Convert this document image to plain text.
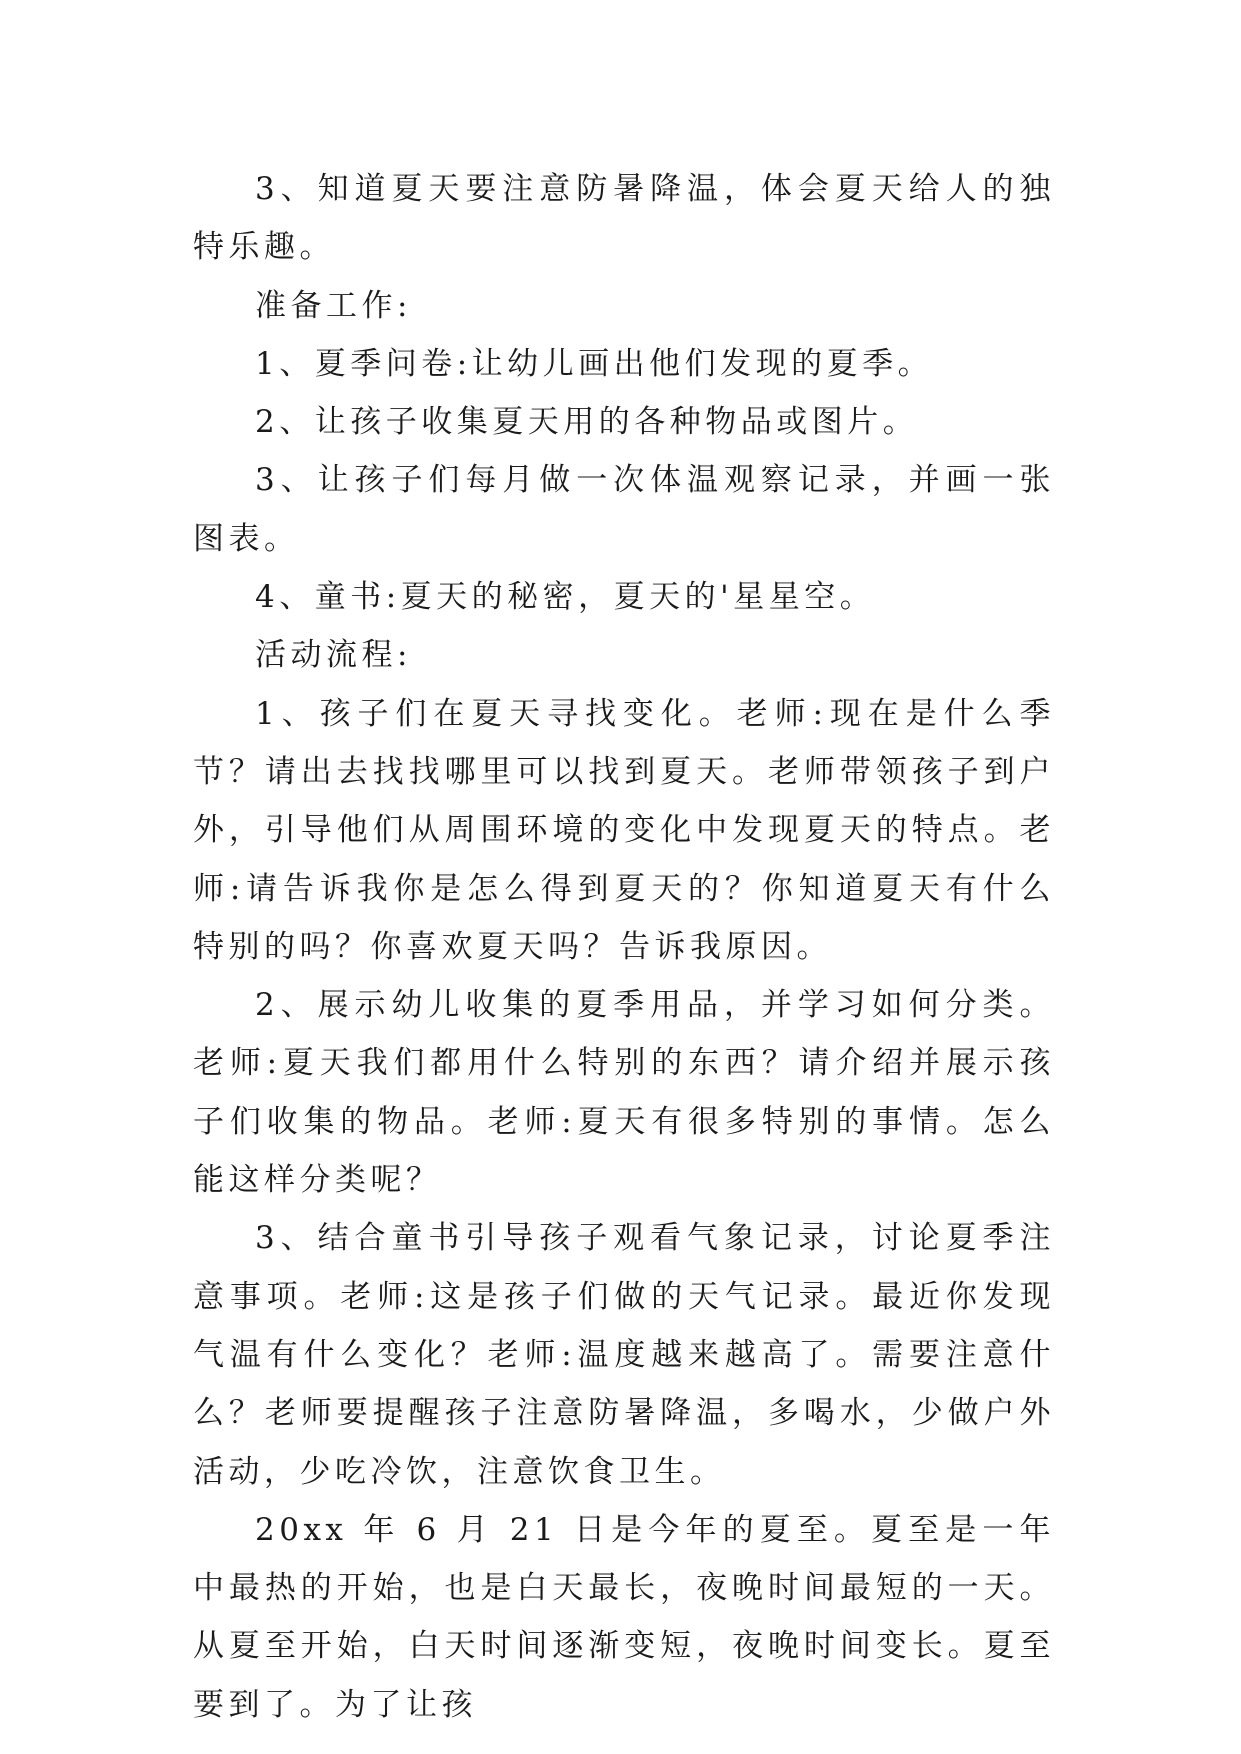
3、知道夏天要注意防暑降温，体会夏天给人的独特乐趣。

准备工作:

1、夏季问卷:让幼儿画出他们发现的夏季。

2、让孩子收集夏天用的各种物品或图片。

3、让孩子们每月做一次体温观察记录，并画一张图表。

4、童书:夏天的秘密，夏天的'星星空。

活动流程:

1、孩子们在夏天寻找变化。老师:现在是什么季节？请出去找找哪里可以找到夏天。老师带领孩子到户外，引导他们从周围环境的变化中发现夏天的特点。老师:请告诉我你是怎么得到夏天的？你知道夏天有什么特别的吗？你喜欢夏天吗？告诉我原因。

2、展示幼儿收集的夏季用品，并学习如何分类。老师:夏天我们都用什么特别的东西？请介绍并展示孩子们收集的物品。老师:夏天有很多特别的事情。怎么能这样分类呢？

3、结合童书引导孩子观看气象记录，讨论夏季注意事项。老师:这是孩子们做的天气记录。最近你发现气温有什么变化？老师:温度越来越高了。需要注意什么？老师要提醒孩子注意防暑降温，多喝水，少做户外活动，少吃冷饮，注意饮食卫生。

20xx 年 6 月 21 日是今年的夏至。夏至是一年中最热的开始，也是白天最长，夜晚时间最短的一天。从夏至开始，白天时间逐渐变短，夜晚时间变长。夏至要到了。为了让孩
